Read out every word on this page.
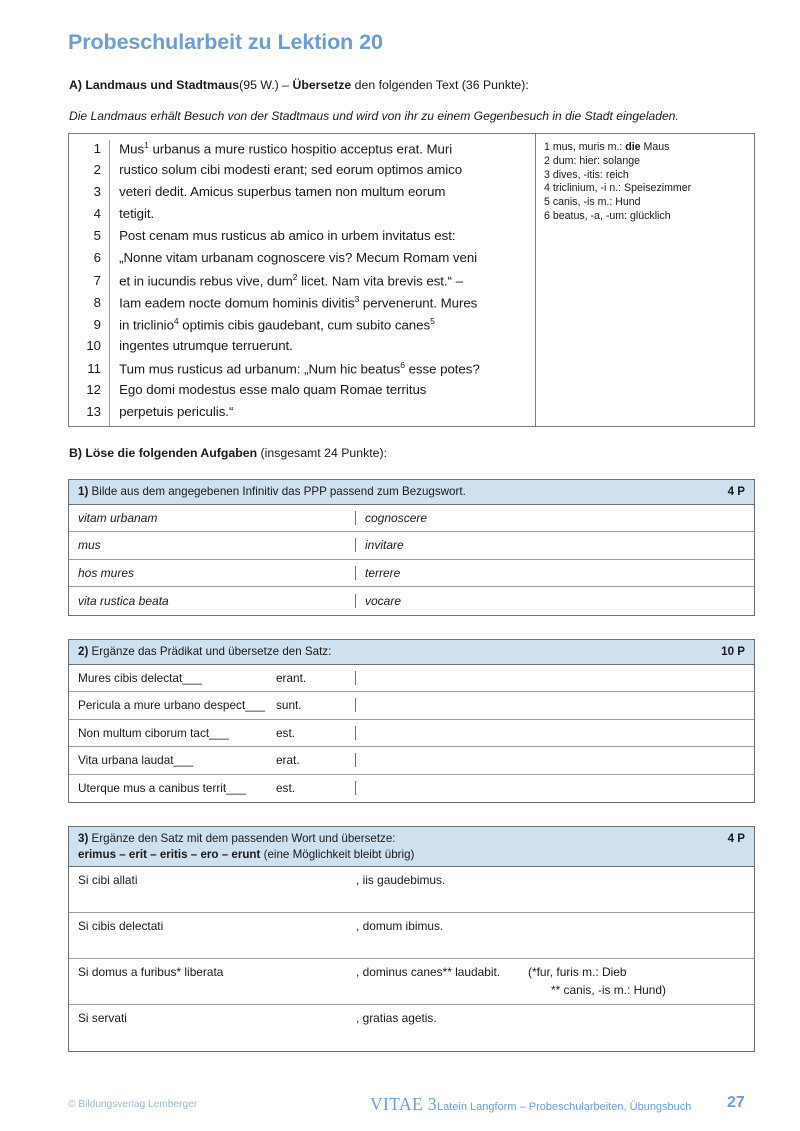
Probeschularbeit zu Lektion 20
A) Landmaus und Stadtmaus(95 W.) – Übersetze den folgenden Text (36 Punkte):
Die Landmaus erhält Besuch von der Stadtmaus und wird von ihr zu einem Gegenbesuch in die Stadt eingeladen.
1	Mus$^1$ urbanus a mure rustico hospitio acceptus erat. Muri
2	rustico solum cibi modesti erant; sed eorum optimos amico
3	veteri dedit. Amicus superbus tamen non multum eorum
4	tetigit.
5	Post cenam mus rusticus ab amico in urbem invitatus est:
6	„Nonne vitam urbanam cognoscere vis? Mecum Romam veni
7	et in iucundis rebus vive, dum$^2$ licet. Nam vita brevis est.“ –
8	Iam eadem nocte domum hominis divitis$^3$ pervenerunt. Mures
9	in triclinio$^4$ optimis cibis gaudebant, cum subito canes$^5$
10	ingentes utrumque terruerunt.
11	Tum mus rusticus ad urbanum: „Num hic beatus$^6$ esse potes?
12	Ego domi modestus esse malo quam Romae territus
13	perpetuis periculis.“
1 mus, muris m.: die Maus
2 dum: hier: solange
3 dives, -itis: reich
4 triclinium, -i n.: Speisezimmer
5 canis, -is m.: Hund
6 beatus, -a, -um: glücklich
B) Löse die folgenden Aufgaben (insgesamt 24 Punkte):
1) Bilde aus dem angegebenen Infinitiv das PPP passend zum Bezugswort.	4 P
vitam urbanam	cognoscere
mus	invitare
hos mures	terrere
vita rustica beata	vocare
2) Ergänze das Prädikat und übersetze den Satz:	10 P
Mures cibis delectat___	erant.
Pericula a mure urbano despect___ sunt.
Non multum ciborum tact___	est.
Vita urbana laudat___	erat.
Uterque mus a canibus territ___	est.
3) Ergänze den Satz mit dem passenden Wort und übersetze:	4 P

erimus – erit – eritis – ero – erunt (eine Möglichkeit bleibt übrig)
Si cibi allati	, iis gaudebimus.
Si cibis delectati	, domum ibimus.
Si domus a furibus* liberata	, dominus canes** laudabit. (*fur, furis m.: Dieb
** canis, -is m.: Hund)
Si servati	, gratias agetis.
© Bildungsverlag Lemberger	VITAE 3Latein Langform – Probeschularbeiten, Übungsbuch 27
